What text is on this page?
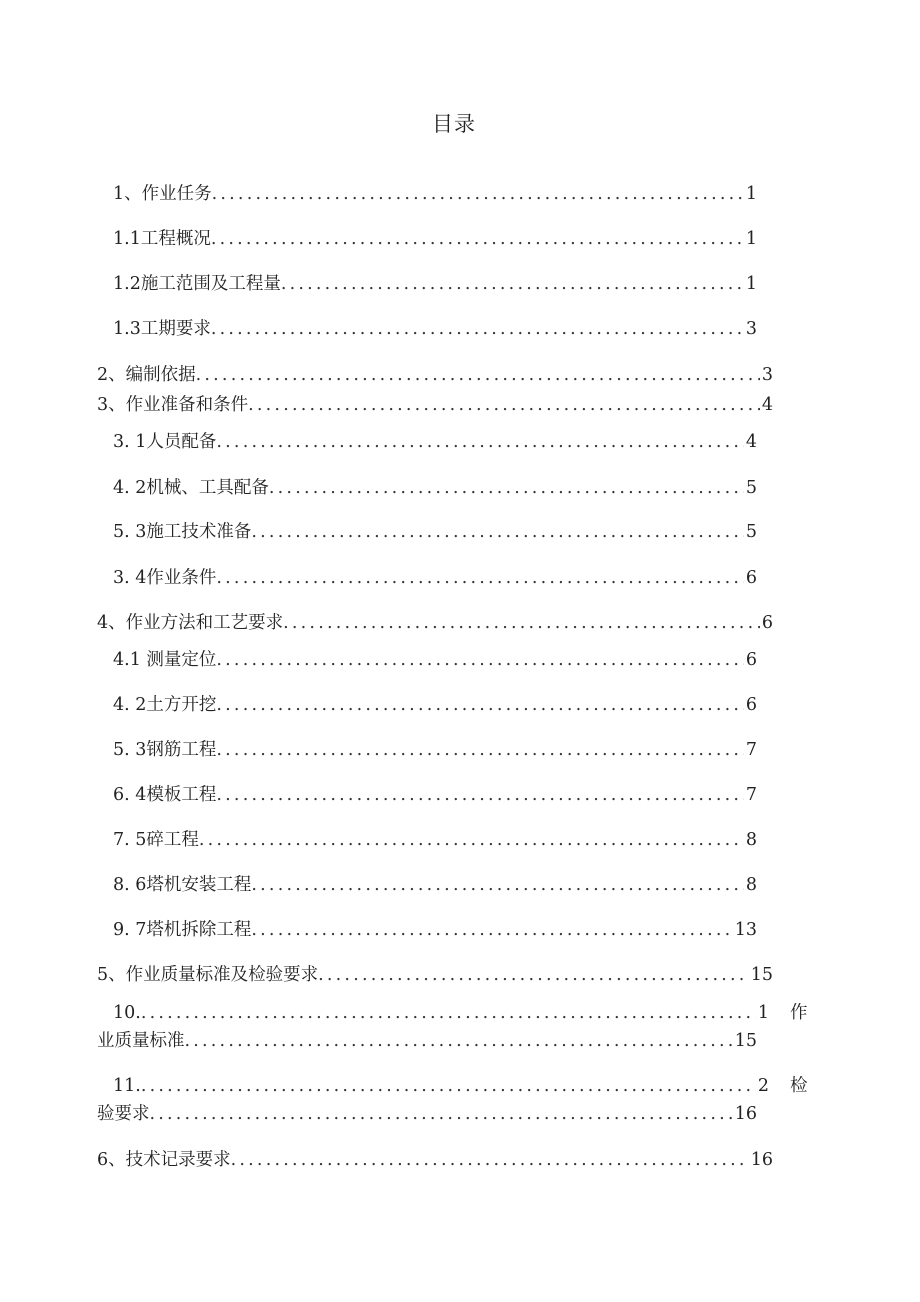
目录
1、作业任务 .....	1
1.1工程概况 .....	1
1.2施工范围及工程量 .....	1
1.3工期要求 .....	3
2、编制依据 .....	3
3、作业准备和条件 .....	4
3. 1人员配备 .....	4
4. 2机械、工具配备 .....	5
5. 3施工技术准备 .....	5
3. 4作业条件 .....	6
4、作业方法和工艺要求 .....	6
4.1 测量定位 .....	6
4. 2土方开挖 .....	6
5. 3钢筋工程 .....	7
6. 4模板工程 .....	7
7. 5碎工程 .....	8
8. 6塔机安装工程 .....	8
9. 7塔机拆除工程 .....	13
5、作业质量标准及检验要求 .....	15
10. .....	1 作
业质量标准 .....	15
11. .....	2 检
验要求 .....	16
6、技术记录要求 .....	16
